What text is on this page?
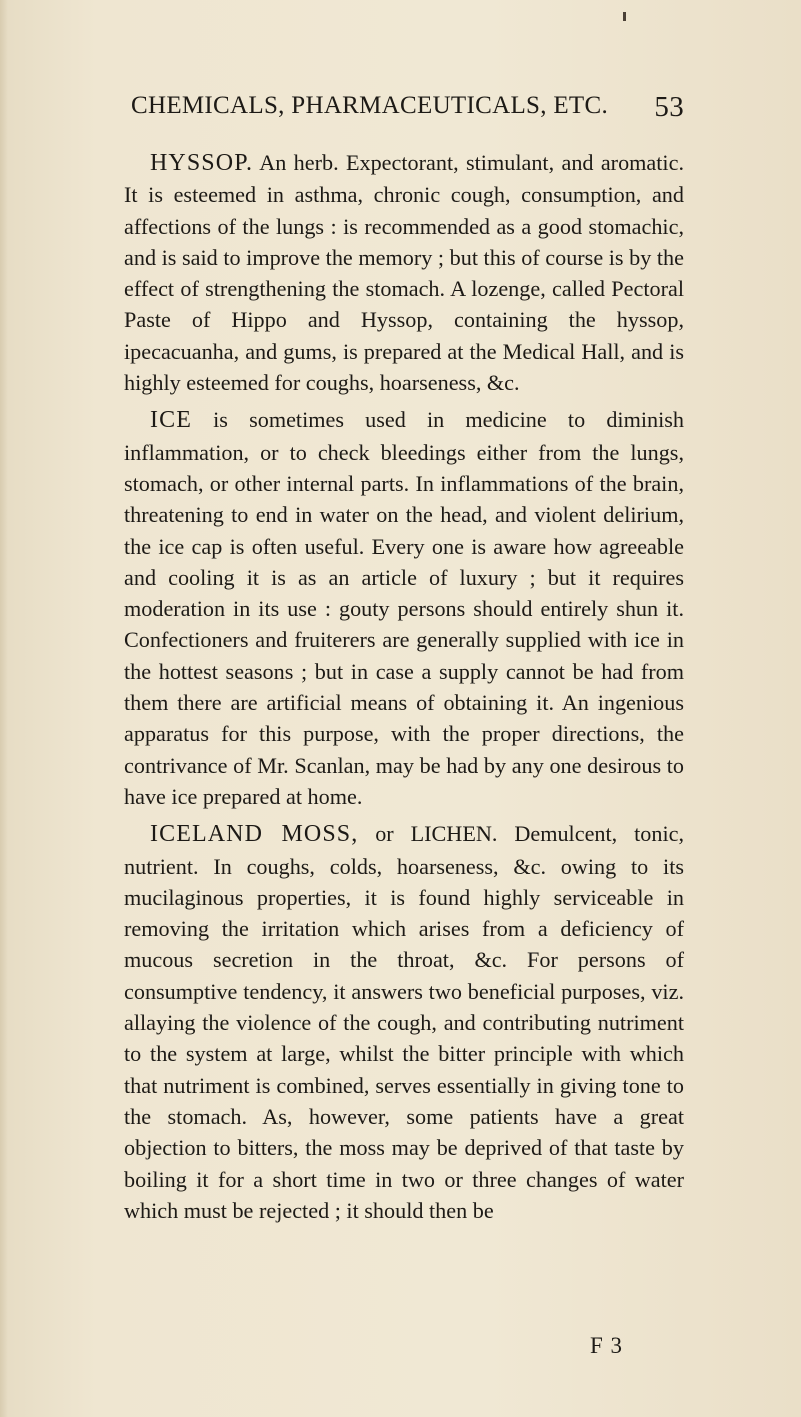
CHEMICALS, PHARMACEUTICALS, ETC. 53

HYSSOP. An herb. Expectorant, stimulant, and aromatic. It is esteemed in asthma, chronic cough, consumption, and affections of the lungs : is recommended as a good stomachic, and is said to improve the memory ; but this of course is by the effect of strengthening the stomach. A lozenge, called Pectoral Paste of Hippo and Hyssop, containing the hyssop, ipecacuanha, and gums, is prepared at the Medical Hall, and is highly esteemed for coughs, hoarseness, &c.

ICE is sometimes used in medicine to diminish inflammation, or to check bleedings either from the lungs, stomach, or other internal parts. In inflammations of the brain, threatening to end in water on the head, and violent delirium, the ice cap is often useful. Every one is aware how agreeable and cooling it is as an article of luxury ; but it requires moderation in its use : gouty persons should entirely shun it. Confectioners and fruiterers are generally supplied with ice in the hottest seasons ; but in case a supply cannot be had from them there are artificial means of obtaining it. An ingenious apparatus for this purpose, with the proper directions, the contrivance of Mr. Scanlan, may be had by any one desirous to have ice prepared at home.

ICELAND MOSS, or LICHEN. Demulcent, tonic, nutrient. In coughs, colds, hoarseness, &c. owing to its mucilaginous properties, it is found highly serviceable in removing the irritation which arises from a deficiency of mucous secretion in the throat, &c. For persons of consumptive tendency, it answers two beneficial purposes, viz. allaying the violence of the cough, and contributing nutriment to the system at large, whilst the bitter principle with which that nutriment is combined, serves essentially in giving tone to the stomach. As, however, some patients have a great objection to bitters, the moss may be deprived of that taste by boiling it for a short time in two or three changes of water which must be rejected ; it should then be

F 3
